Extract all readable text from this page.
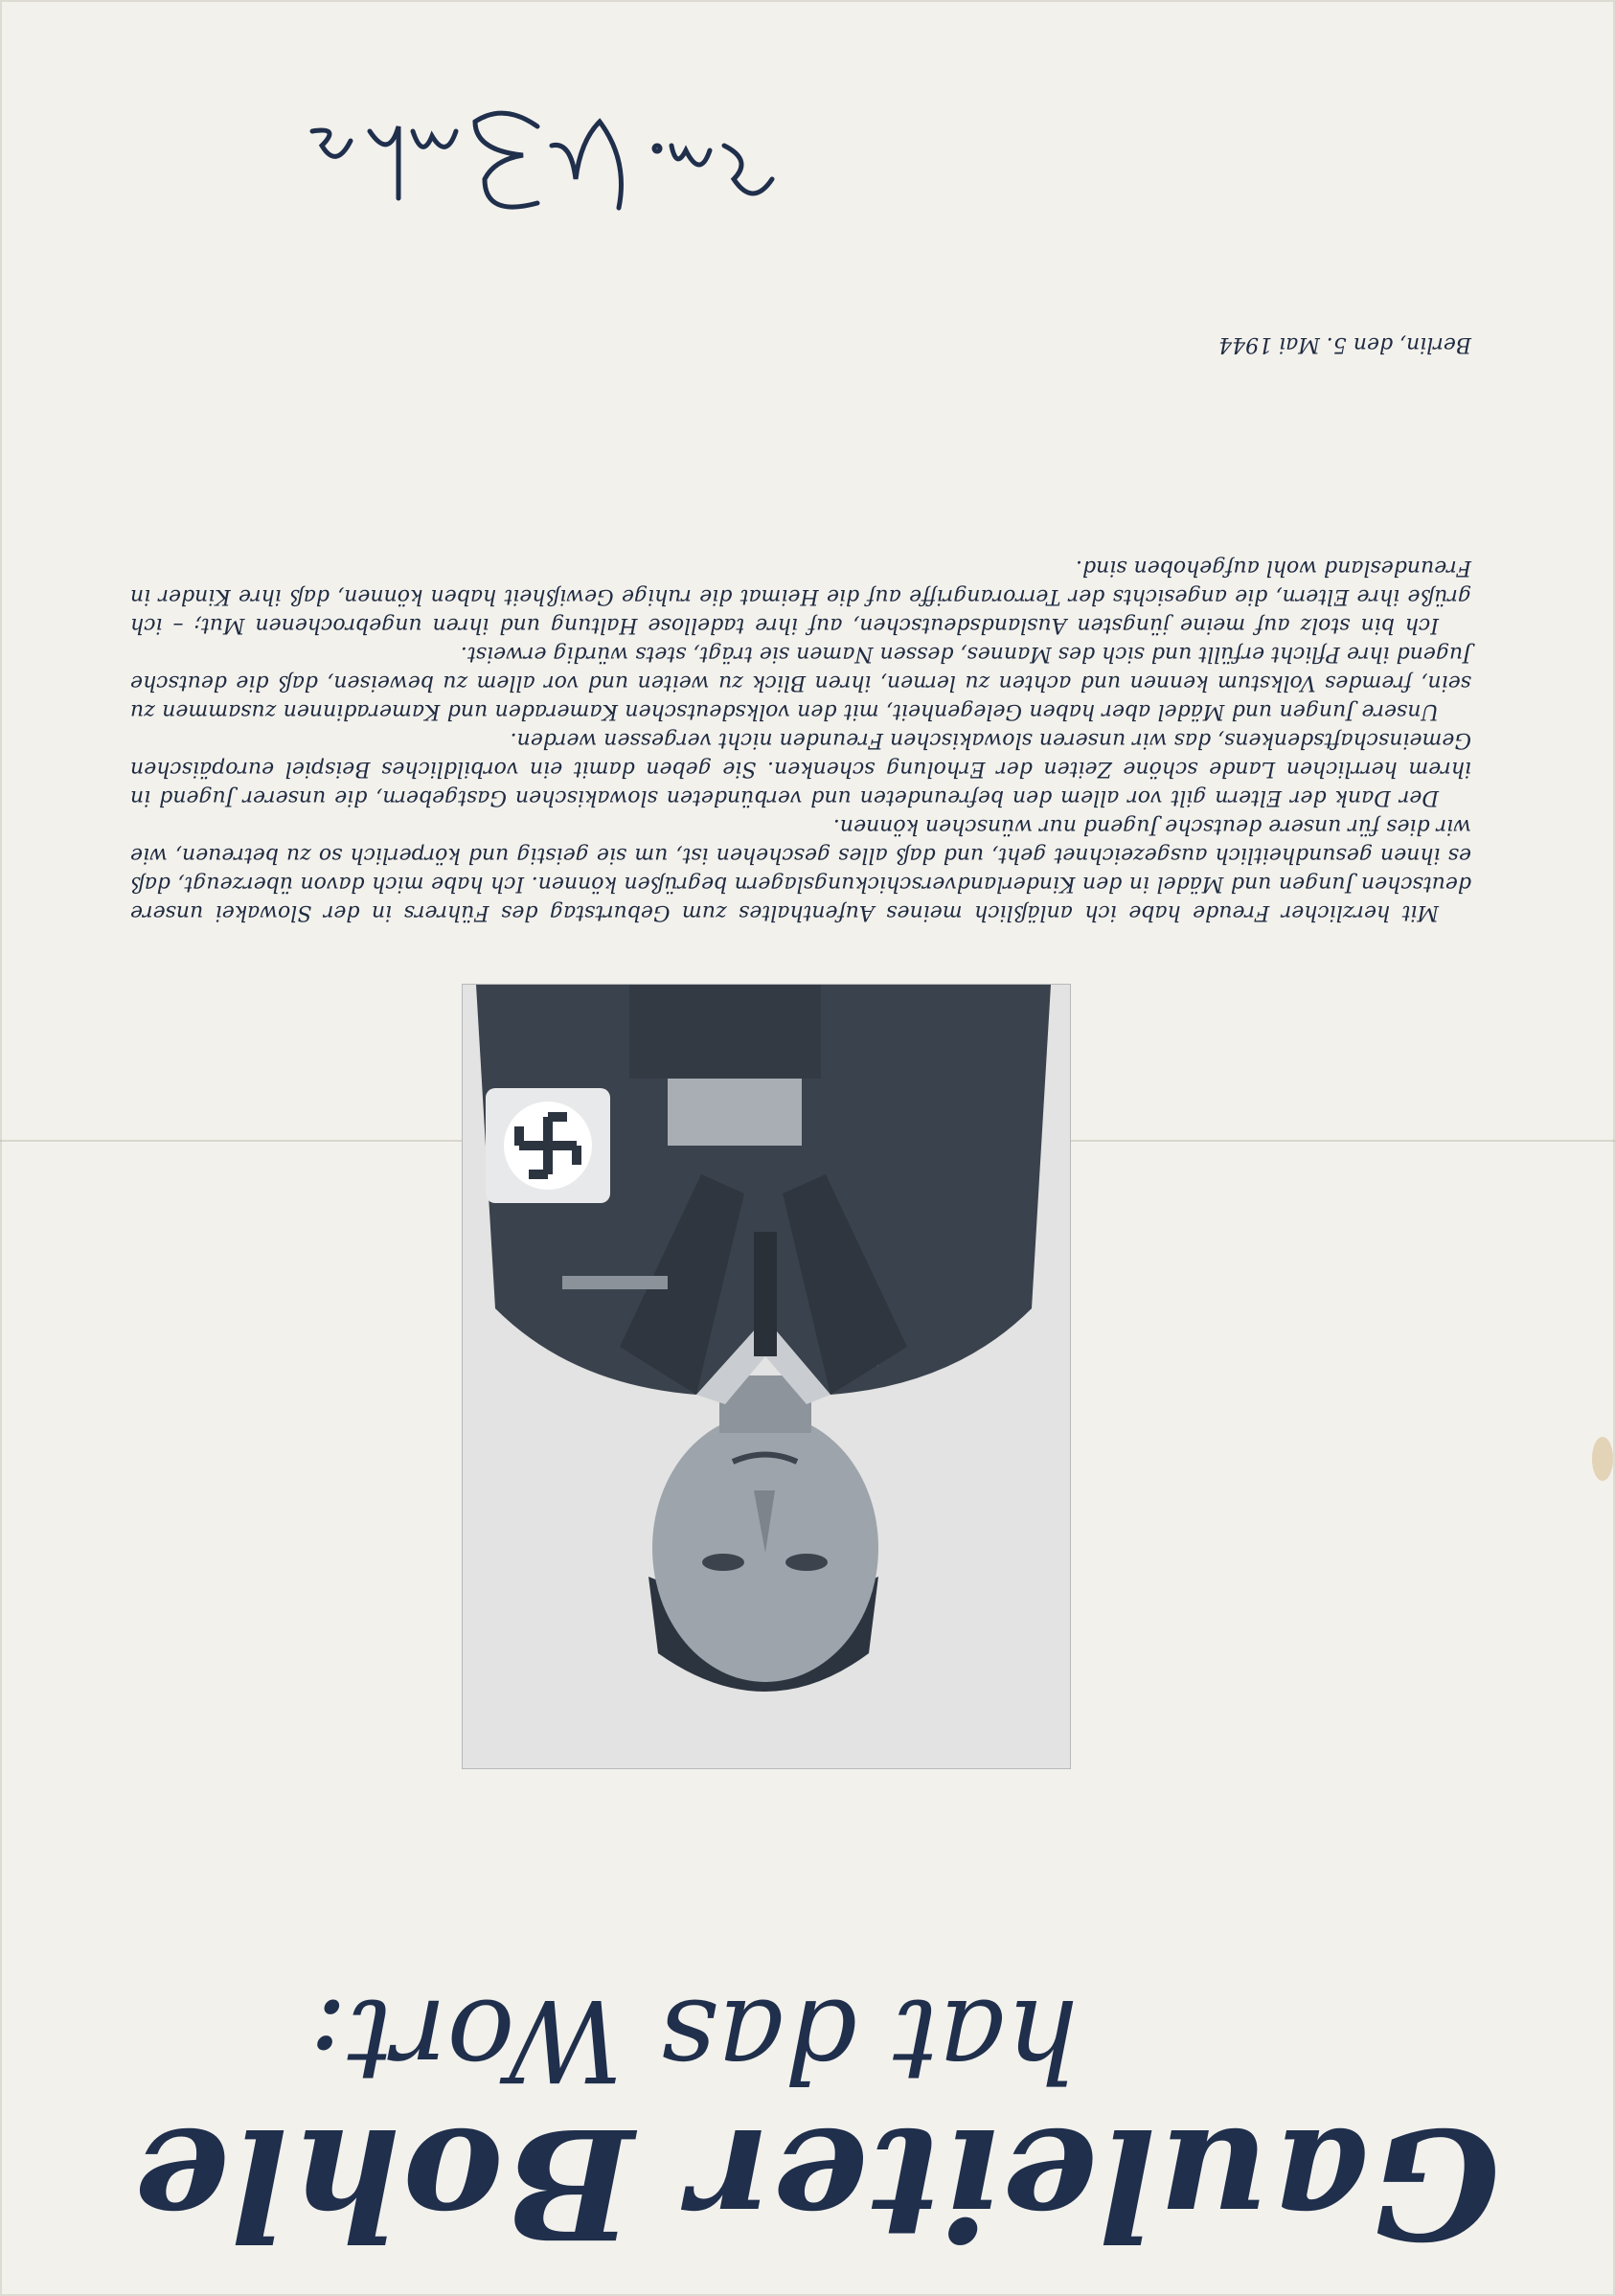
Gauleiter Bohle
hat das Wort:

Mit herzlicher Freude habe ich anläßlich meines Aufenthaltes zum Geburtstag des Führers in der Slowakei unsere deutschen Jungen und Mädel in den Kinderlandverschickungslagern begrüßen können. Ich habe mich davon überzeugt, daß es ihnen gesundheitlich ausgezeichnet geht, und daß alles geschehen ist, um sie geistig und körperlich so zu betreuen, wie wir dies für unsere deutsche Jugend nur wünschen können.

Der Dank der Eltern gilt vor allem den befreundeten und verbündeten slowakischen Gastgebern, die unserer Jugend in ihrem herrlichen Lande schöne Zeiten der Erholung schenken. Sie geben damit ein vorbildliches Beispiel europäischen Gemeinschaftsdenkens, das wir unseren slowakischen Freunden nicht vergessen werden.

Unsere Jungen und Mädel aber haben Gelegenheit, mit den volksdeutschen Kameraden und Kameradinnen zusammen zu sein, fremdes Volkstum kennen und achten zu lernen, ihren Blick zu weiten und vor allem zu beweisen, daß die deutsche Jugend ihre Pflicht erfüllt und sich des Mannes, dessen Namen sie trägt, stets würdig erweist.

Ich bin stolz auf meine jüngsten Auslandsdeutschen, auf ihre tadellose Haltung und ihren ungebrochenen Mut; – ich grüße ihre Eltern, die angesichts der Terrorangriffe auf die Heimat die ruhige Gewißheit haben können, daß ihre Kinder in Freundesland wohl aufgehoben sind.

Berlin, den 5. Mai 1944
